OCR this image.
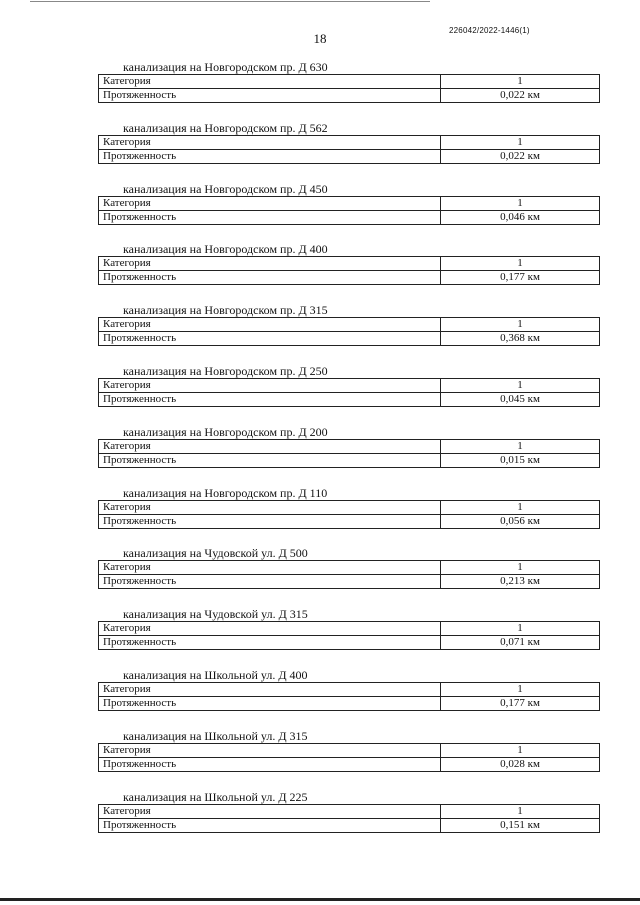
18
226042/2022-1446(1)
канализация на Новгородском пр. Д 630
Категория	1
Протяженность	0,022 км
канализация на Новгородском пр. Д 562
Категория	1
Протяженность	0,022 км
канализация на Новгородском пр. Д 450
Категория	1
Протяженность	0,046 км
канализация на Новгородском пр. Д 400
Категория	1
Протяженность	0,177 км
канализация на Новгородском пр. Д 315
Категория	1
Протяженность	0,368 км
канализация на Новгородском пр. Д 250
Категория	1
Протяженность	0,045 км
канализация на Новгородском пр. Д 200
Категория	1
Протяженность	0,015 км
канализация на Новгородском пр. Д 110
Категория	1
Протяженность	0,056 км
канализация на Чудовской ул. Д 500
Категория	1
Протяженность	0,213 км
канализация на Чудовской ул. Д 315
Категория	1
Протяженность	0,071 км
канализация на Школьной ул. Д 400
Категория	1
Протяженность	0,177 км
канализация на Школьной ул. Д 315
Категория	1
Протяженность	0,028 км
канализация на Школьной ул. Д 225
Категория	1
Протяженность	0,151 км
